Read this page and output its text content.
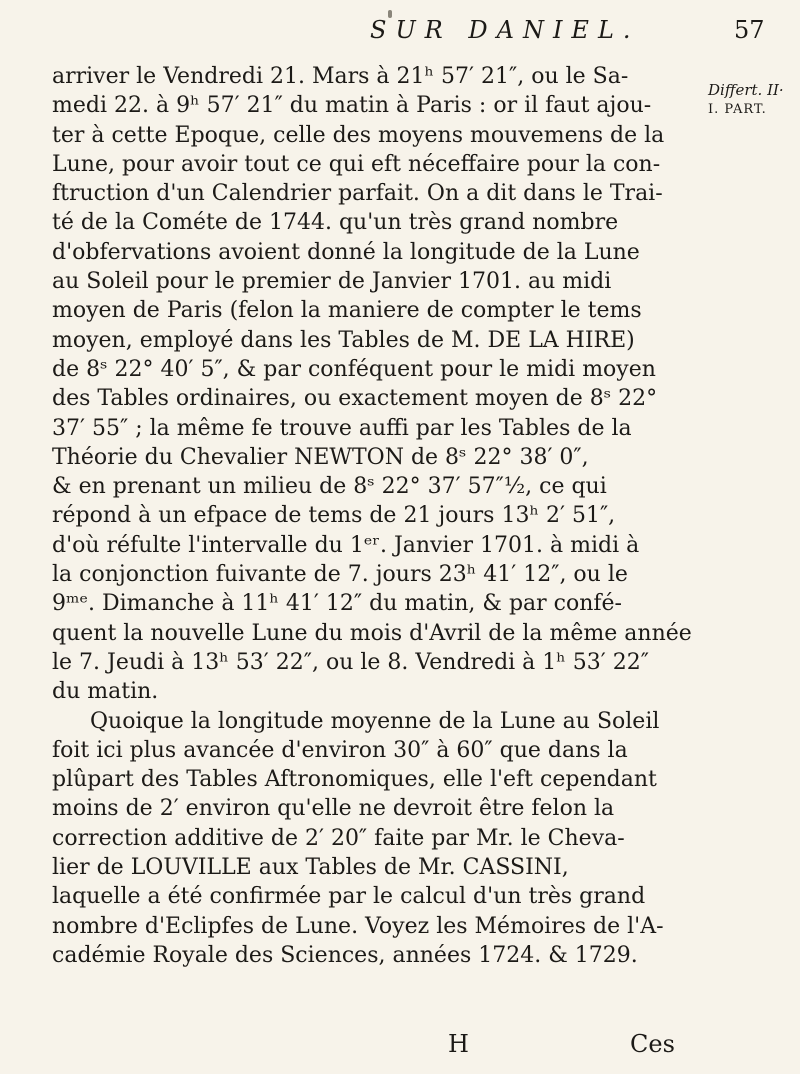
SUR DANIEL.	57
Differt. II·
I. PART.
arriver le Vendredi 21. Mars à 21ʰ 57′ 21″, ou le Sa-
medi 22. à 9ʰ 57′ 21″ du matin à Paris : or il faut ajou-
ter à cette Epoque, celle des moyens mouvemens de la
Lune, pour avoir tout ce qui eft néceffaire pour la con-
ftruction d'un Calendrier parfait. On a dit dans le Trai-
té de la Cométe de 1744. qu'un très grand nombre
d'obfervations avoient donné la longitude de la Lune
au Soleil pour le premier de Janvier 1701. au midi
moyen de Paris (felon la maniere de compter le tems
moyen, employé dans les Tables de M. DE LA HIRE)
de 8ˢ 22° 40′ 5″, & par conféquent pour le midi moyen
des Tables ordinaires, ou exactement moyen de 8ˢ 22°
37′ 55″ ; la même fe trouve auffi par les Tables de la
Théorie du Chevalier NEWTON de 8ˢ 22° 38′ 0″,
& en prenant un milieu de 8ˢ 22° 37′ 57″½, ce qui
répond à un efpace de tems de 21 jours 13ʰ 2′ 51″,
d'où réfulte l'intervalle du 1ᵉʳ. Janvier 1701. à midi à
la conjonction fuivante de 7. jours 23ʰ 41′ 12″, ou le
9ᵐᵉ. Dimanche à 11ʰ 41′ 12″ du matin, & par confé-
quent la nouvelle Lune du mois d'Avril de la même année
le 7. Jeudi à 13ʰ 53′ 22″, ou le 8. Vendredi à 1ʰ 53′ 22″
du matin.
Quoique la longitude moyenne de la Lune au Soleil
foit ici plus avancée d'environ 30″ à 60″ que dans la
plûpart des Tables Aftronomiques, elle l'eft cependant
moins de 2′ environ qu'elle ne devroit être felon la
correction additive de 2′ 20″ faite par Mr. le Cheva-
lier de LOUVILLE aux Tables de Mr. CASSINI,
laquelle a été confirmée par le calcul d'un très grand
nombre d'Eclipfes de Lune. Voyez les Mémoires de l'A-
cadémie Royale des Sciences, années 1724. & 1729.
H	Ces
